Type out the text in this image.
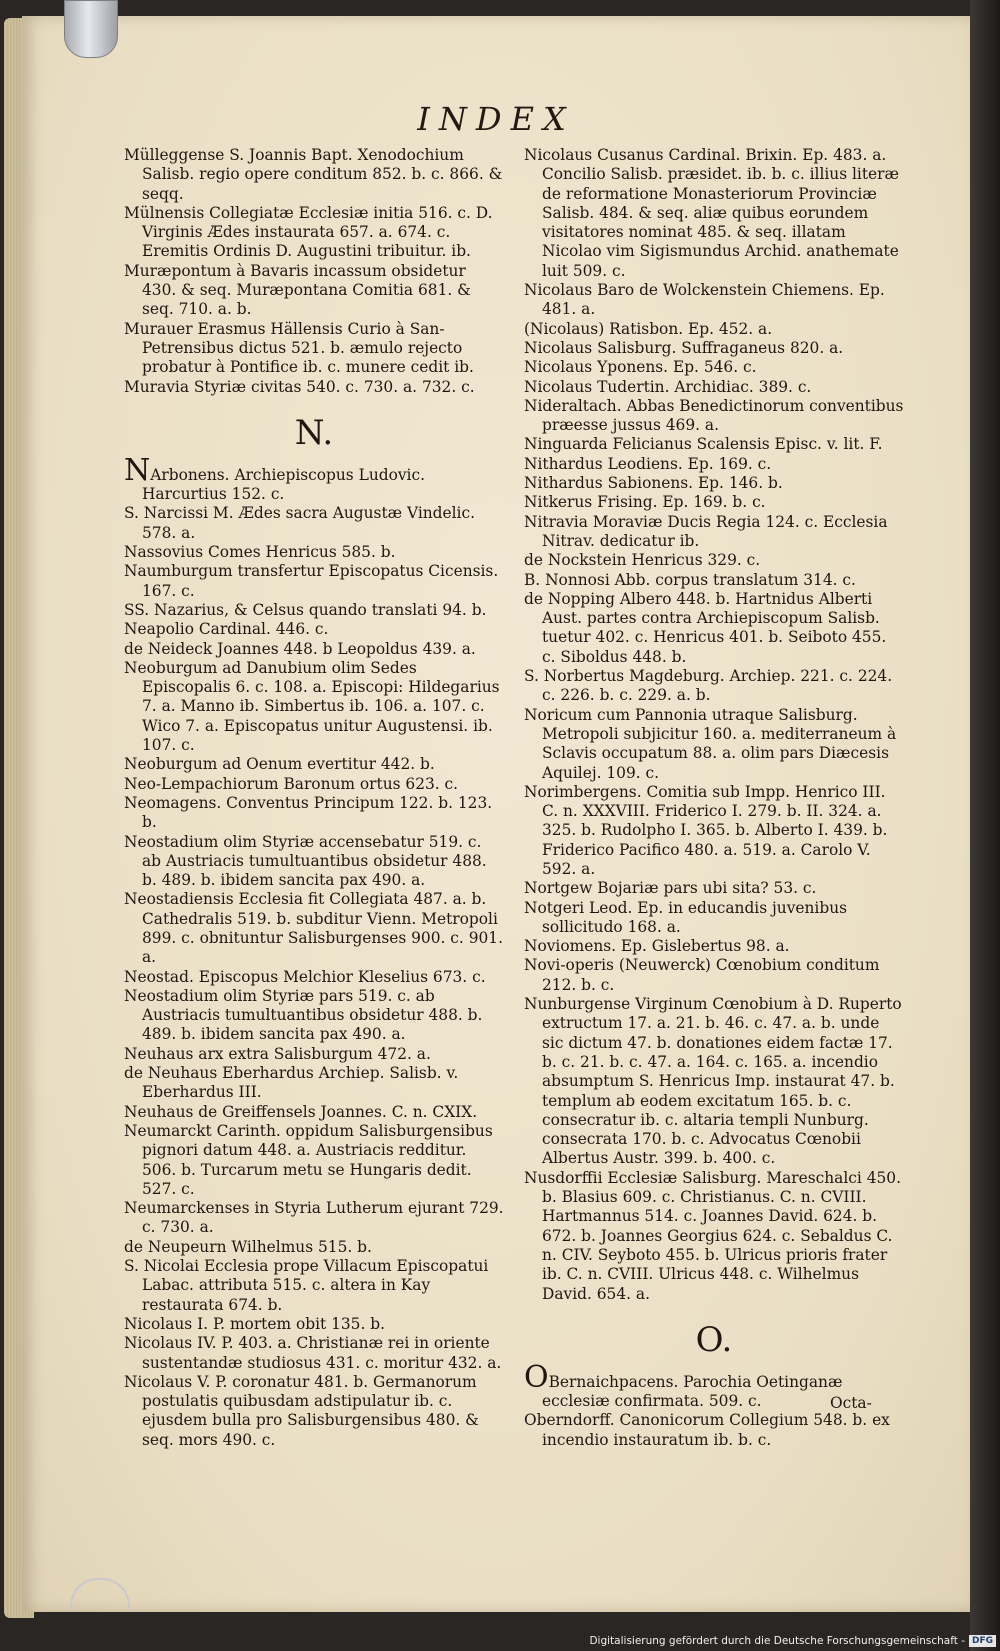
INDEX

Mülleggense S. Joannis Bapt. Xenodochium Salisb. regio opere conditum 852. b. c. 866. & seqq.

Mülnensis Collegiatæ Ecclesiæ initia 516. c. D. Virginis Ædes instaurata 657. a. 674. c. Eremitis Ordinis D. Augustini tribuitur. ib.

Muræpontum à Bavaris incassum obsidetur 430. & seq. Muræpontana Comitia 681. & seq. 710. a. b.

Murauer Erasmus Hällensis Curio à San-Petrensibus dictus 521. b. æmulo rejecto probatur à Pontifice ib. c. munere cedit ib.

Muravia Styriæ civitas 540. c. 730. a. 732. c.

N.

NArbonens. Archiepiscopus Ludovic. Harcurtius 152. c.

S. Narcissi M. Ædes sacra Augustæ Vindelic. 578. a.

Nassovius Comes Henricus 585. b.

Naumburgum transfertur Episcopatus Cicensis. 167. c.

SS. Nazarius, & Celsus quando translati 94. b.

Neapolio Cardinal. 446. c.

de Neideck Joannes 448. b Leopoldus 439. a.

Neoburgum ad Danubium olim Sedes Episcopalis 6. c. 108. a. Episcopi: Hildegarius 7. a. Manno ib. Simbertus ib. 106. a. 107. c. Wico 7. a. Episcopatus unitur Augustensi. ib. 107. c.

Neoburgum ad Oenum evertitur 442. b.

Neo-Lempachiorum Baronum ortus 623. c.

Neomagens. Conventus Principum 122. b. 123. b.

Neostadium olim Styriæ accensebatur 519. c. ab Austriacis tumultuantibus obsidetur 488. b. 489. b. ibidem sancita pax 490. a.

Neostadiensis Ecclesia fit Collegiata 487. a. b. Cathedralis 519. b. subditur Vienn. Metropoli 899. c. obnituntur Salisburgenses 900. c. 901. a.

Neostad. Episcopus Melchior Kleselius 673. c.

Neostadium olim Styriæ pars 519. c. ab Austriacis tumultuantibus obsidetur 488. b. 489. b. ibidem sancita pax 490. a.

Neuhaus arx extra Salisburgum 472. a.

de Neuhaus Eberhardus Archiep. Salisb. v. Eberhardus III.

Neuhaus de Greiffensels Joannes. C. n. CXIX.

Neumarckt Carinth. oppidum Salisburgensibus pignori datum 448. a. Austriacis redditur. 506. b. Turcarum metu se Hungaris dedit. 527. c.

Neumarckenses in Styria Lutherum ejurant 729. c. 730. a.

de Neupeurn Wilhelmus 515. b.

S. Nicolai Ecclesia prope Villacum Episcopatui Labac. attributa 515. c. altera in Kay restaurata 674. b.

Nicolaus I. P. mortem obit 135. b.

Nicolaus IV. P. 403. a. Christianæ rei in oriente sustentandæ studiosus 431. c. moritur 432. a.

Nicolaus V. P. coronatur 481. b. Germanorum postulatis quibusdam adstipulatur ib. c. ejusdem bulla pro Salisburgensibus 480. & seq. mors 490. c.

Nicolaus Cusanus Cardinal. Brixin. Ep. 483. a. Concilio Salisb. præsidet. ib. b. c. illius literæ de reformatione Monasteriorum Provinciæ Salisb. 484. & seq. aliæ quibus eorundem visitatores nominat 485. & seq. illatam Nicolao vim Sigismundus Archid. anathemate luit 509. c.

Nicolaus Baro de Wolckenstein Chiemens. Ep. 481. a.

(Nicolaus) Ratisbon. Ep. 452. a.

Nicolaus Salisburg. Suffraganeus 820. a.

Nicolaus Yponens. Ep. 546. c.

Nicolaus Tudertin. Archidiac. 389. c.

Nideraltach. Abbas Benedictinorum conventibus præesse jussus 469. a.

Ninguarda Felicianus Scalensis Episc. v. lit. F.

Nithardus Leodiens. Ep. 169. c.

Nithardus Sabionens. Ep. 146. b.

Nitkerus Frising. Ep. 169. b. c.

Nitravia Moraviæ Ducis Regia 124. c. Ecclesia Nitrav. dedicatur ib.

de Nockstein Henricus 329. c.

B. Nonnosi Abb. corpus translatum 314. c.

de Nopping Albero 448. b. Hartnidus Alberti Aust. partes contra Archiepiscopum Salisb. tuetur 402. c. Henricus 401. b. Seiboto 455. c. Siboldus 448. b.

S. Norbertus Magdeburg. Archiep. 221. c. 224. c. 226. b. c. 229. a. b.

Noricum cum Pannonia utraque Salisburg. Metropoli subjicitur 160. a. mediterraneum à Sclavis occupatum 88. a. olim pars Diæcesis Aquilej. 109. c.

Norimbergens. Comitia sub Impp. Henrico III. C. n. XXXVIII. Friderico I. 279. b. II. 324. a. 325. b. Rudolpho I. 365. b. Alberto I. 439. b. Friderico Pacifico 480. a. 519. a. Carolo V. 592. a.

Nortgew Bojariæ pars ubi sita? 53. c.

Notgeri Leod. Ep. in educandis juvenibus sollicitudo 168. a.

Noviomens. Ep. Gislebertus 98. a.

Novi-operis (Neuwerck) Cœnobium conditum 212. b. c.

Nunburgense Virginum Cœnobium à D. Ruperto extructum 17. a. 21. b. 46. c. 47. a. b. unde sic dictum 47. b. donationes eidem factæ 17. b. c. 21. b. c. 47. a. 164. c. 165. a. incendio absumptum S. Henricus Imp. instaurat 47. b. templum ab eodem excitatum 165. b. c. consecratur ib. c. altaria templi Nunburg. consecrata 170. b. c. Advocatus Cœnobii Albertus Austr. 399. b. 400. c.

Nusdorffii Ecclesiæ Salisburg. Mareschalci 450. b. Blasius 609. c. Christianus. C. n. CVIII. Hartmannus 514. c. Joannes David. 624. b. 672. b. Joannes Georgius 624. c. Sebaldus C. n. CIV. Seyboto 455. b. Ulricus prioris frater ib. C. n. CVIII. Ulricus 448. c. Wilhelmus David. 654. a.

O.

OBernaichpacens. Parochia Oetinganæ ecclesiæ confirmata. 509. c.

Oberndorff. Canonicorum Collegium 548. b. ex incendio instauratum ib. b. c.

Octa-
Digitalisierung gefördert durch die Deutsche Forschungsgemeinschaft - DFG
